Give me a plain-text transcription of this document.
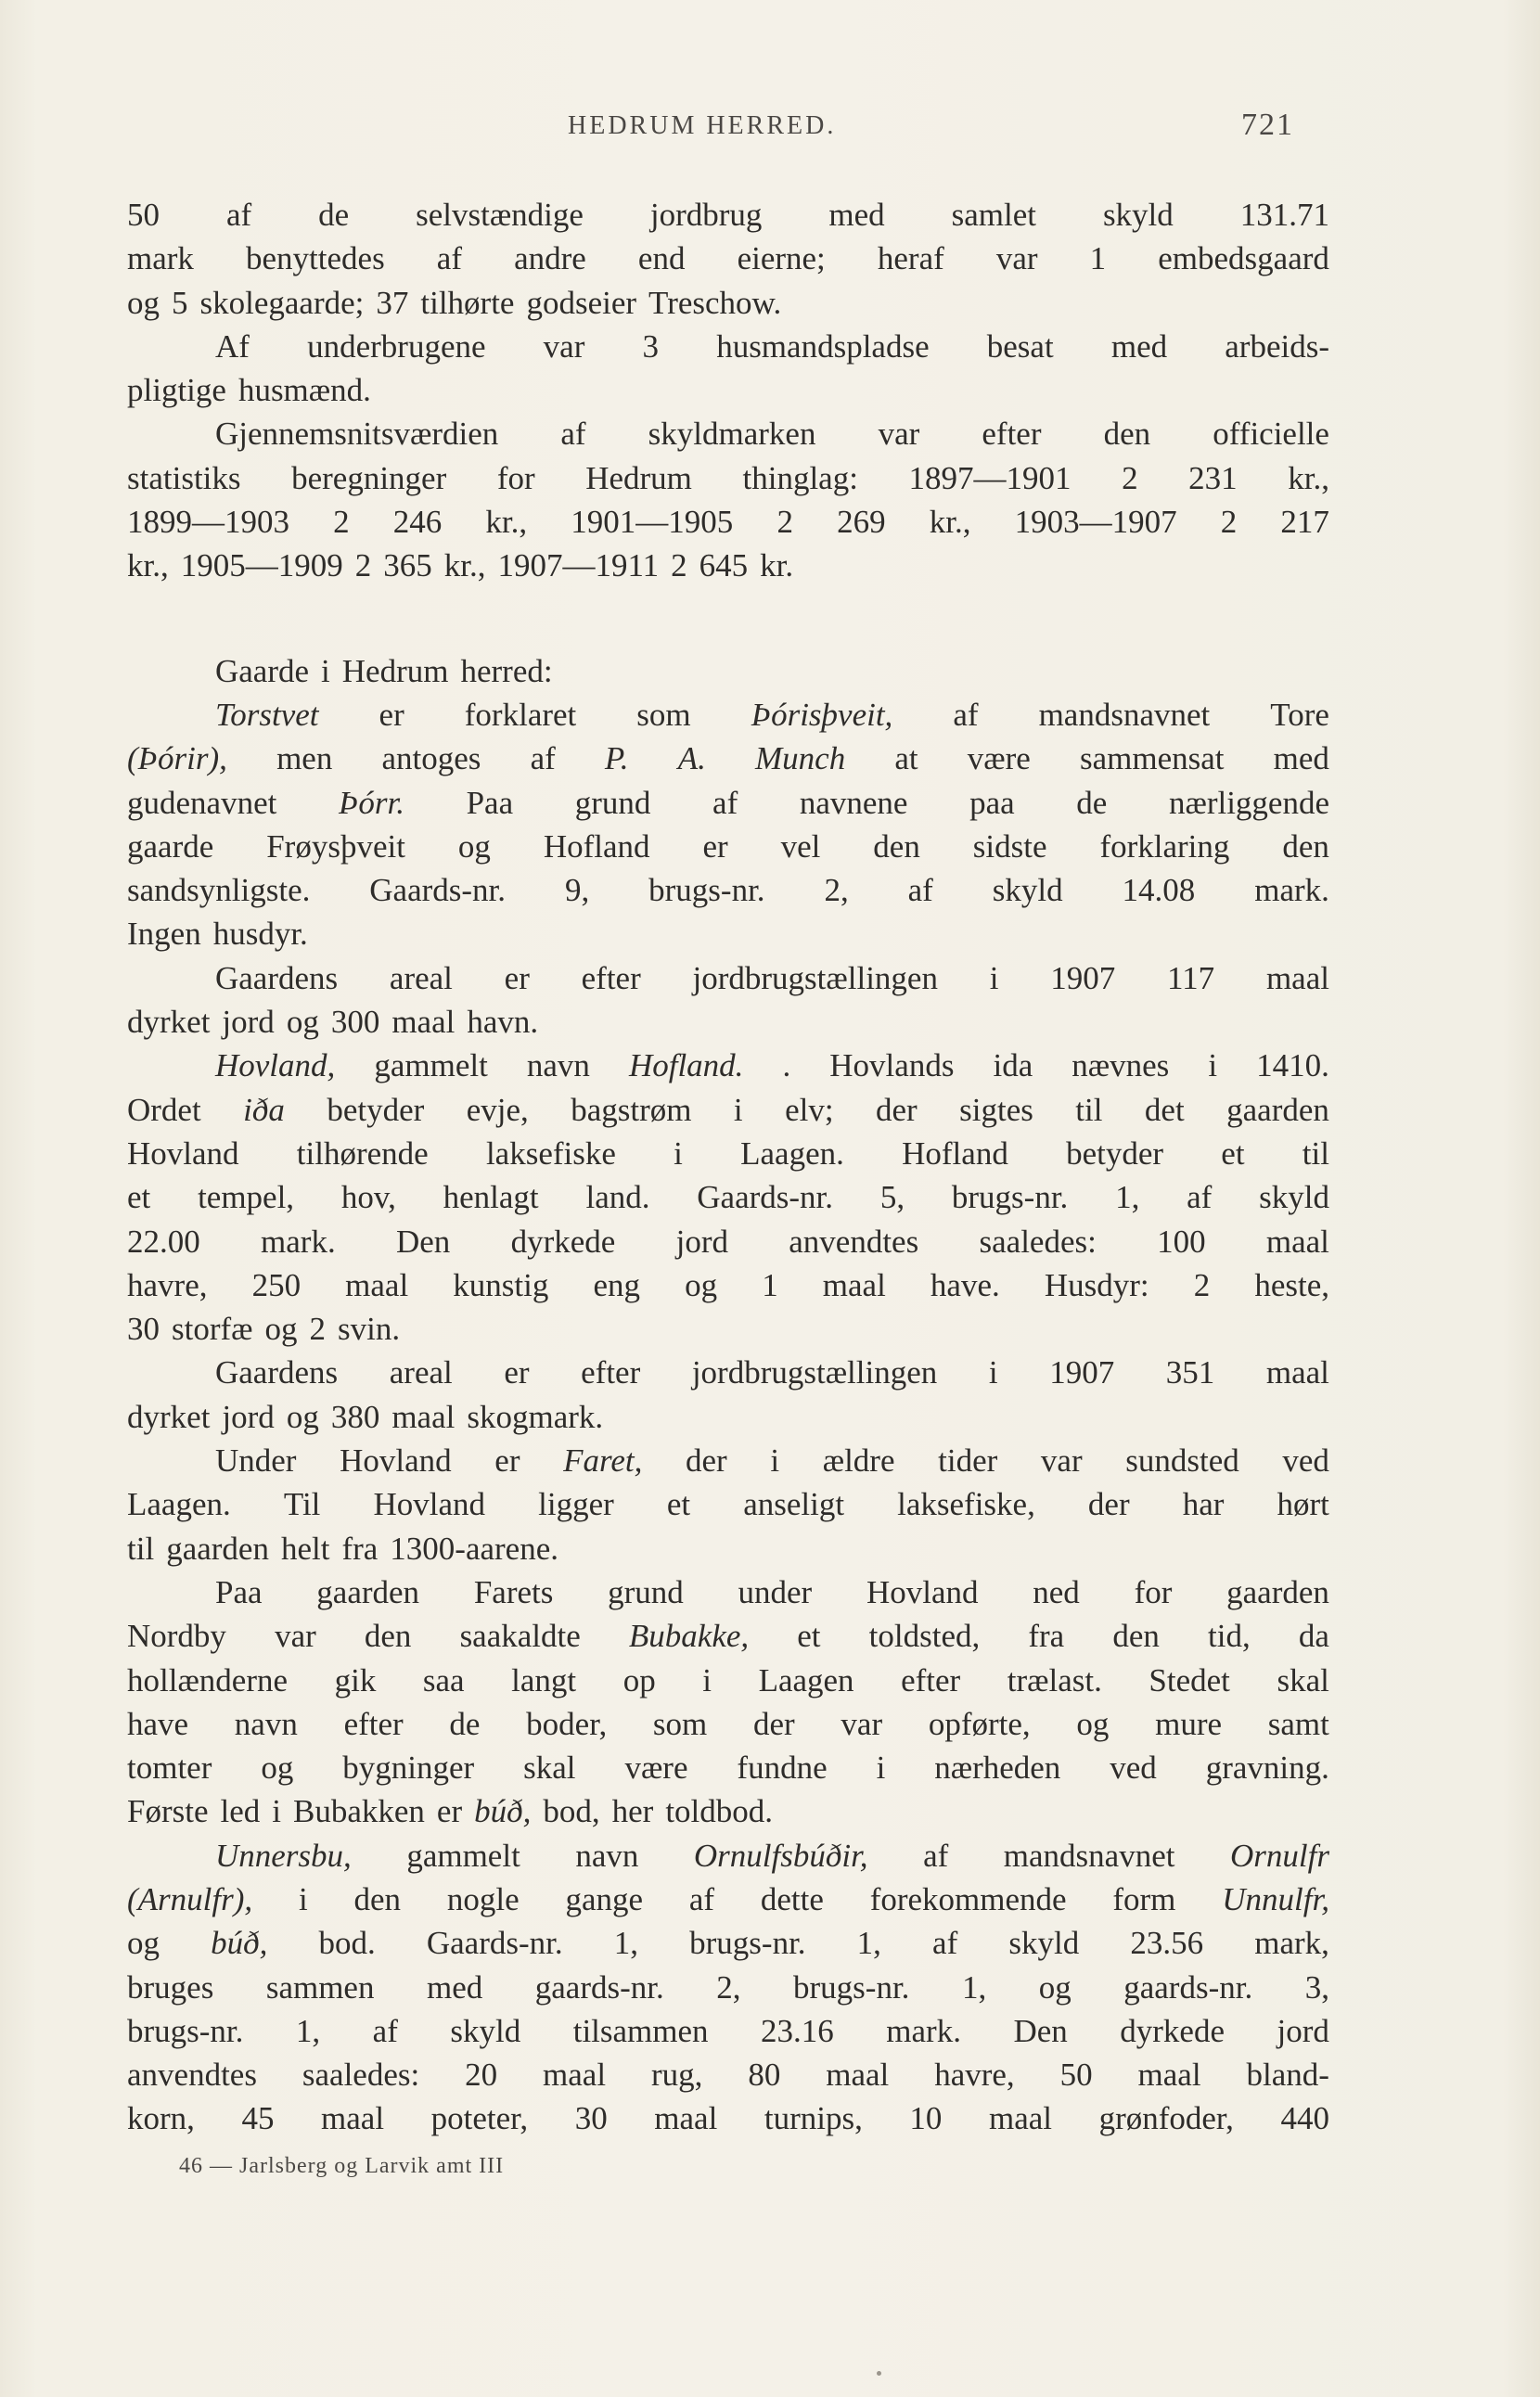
HEDRUM HERRED.	721
50 af de selvstændige jordbrug med samlet skyld 131.71
mark benyttedes af andre end eierne; heraf var 1 embedsgaard
og 5 skolegaarde; 37 tilhørte godseier Treschow.
Af underbrugene var 3 husmandspladse besat med arbeids-
pligtige husmænd.
Gjennemsnitsværdien af skyldmarken var efter den officielle
statistiks beregninger for Hedrum thinglag: 1897—1901 2 231 kr.,
1899—1903 2 246 kr., 1901—1905 2 269 kr., 1903—1907 2 217
kr., 1905—1909 2 365 kr., 1907—1911 2 645 kr.
Gaarde i Hedrum herred:
Torstvet er forklaret som Þórisþveit, af mandsnavnet Tore
(Þórir), men antoges af P. A. Munch at være sammensat med
gudenavnet Þórr. Paa grund af navnene paa de nærliggende
gaarde Frøysþveit og Hofland er vel den sidste forklaring den
sandsynligste. Gaards-nr. 9, brugs-nr. 2, af skyld 14.08 mark.
Ingen husdyr.
Gaardens areal er efter jordbrugstællingen i 1907 117 maal
dyrket jord og 300 maal havn.
Hovland, gammelt navn Hofland. . Hovlands ida nævnes i 1410.
Ordet iða betyder evje, bagstrøm i elv; der sigtes til det gaarden
Hovland tilhørende laksefiske i Laagen. Hofland betyder et til
et tempel, hov, henlagt land. Gaards-nr. 5, brugs-nr. 1, af skyld
22.00 mark. Den dyrkede jord anvendtes saaledes: 100 maal
havre, 250 maal kunstig eng og 1 maal have. Husdyr: 2 heste,
30 storfæ og 2 svin.
Gaardens areal er efter jordbrugstællingen i 1907 351 maal
dyrket jord og 380 maal skogmark.
Under Hovland er Faret, der i ældre tider var sundsted ved
Laagen. Til Hovland ligger et anseligt laksefiske, der har hørt
til gaarden helt fra 1300-aarene.
Paa gaarden Farets grund under Hovland ned for gaarden
Nordby var den saakaldte Bubakke, et toldsted, fra den tid, da
hollænderne gik saa langt op i Laagen efter trælast. Stedet skal
have navn efter de boder, som der var opførte, og mure samt
tomter og bygninger skal være fundne i nærheden ved gravning.
Første led i Bubakken er búð, bod, her toldbod.
Unnersbu, gammelt navn Ornulfsbúðir, af mandsnavnet Ornulfr
(Arnulfr), i den nogle gange af dette forekommende form Unnulfr,
og búð, bod. Gaards-nr. 1, brugs-nr. 1, af skyld 23.56 mark,
bruges sammen med gaards-nr. 2, brugs-nr. 1, og gaards-nr. 3,
brugs-nr. 1, af skyld tilsammen 23.16 mark. Den dyrkede jord
anvendtes saaledes: 20 maal rug, 80 maal havre, 50 maal bland-
korn, 45 maal poteter, 30 maal turnips, 10 maal grønfoder, 440
46 — Jarlsberg og Larvik amt III
